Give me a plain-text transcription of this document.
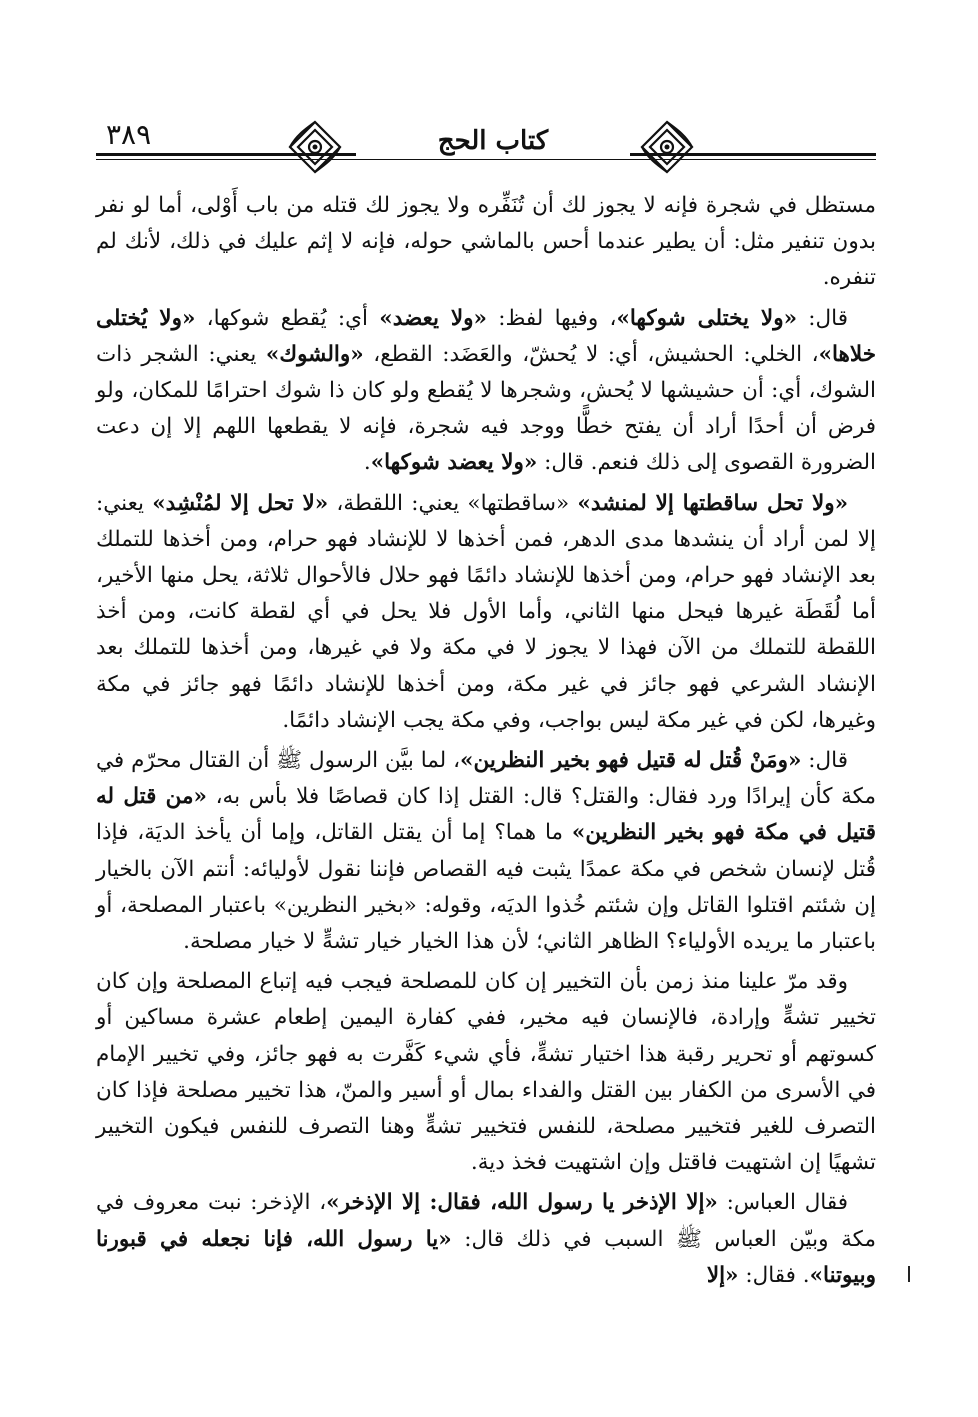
٣٨٩	كتاب الحج

مستظل في شجرة فإنه لا يجوز لك أن تُنَفِّره ولا يجوز لك قتله من باب أَوْلى، أما لو نفر بدون تنفير مثل: أن يطير عندما أحس بالماشي حوله، فإنه لا إثم عليك في ذلك، لأنك لم تنفره.

قال: «ولا يختلى شوكها»، وفيها لفظ: «ولا يعضد» أي: يُقطع شوكها، «ولا يُختلى خلاها»، الخلي: الحشيش، أي: لا يُحشّ، والعَضَد: القطع، «والشوك» يعني: الشجر ذات الشوك، أي: أن حشيشها لا يُحش، وشجرها لا يُقطع ولو كان ذا شوك احترامًا للمكان، ولو فرض أن أحدًا أراد أن يفتح خطًّا ووجد فيه شجرة، فإنه لا يقطعها اللهم إلا إن دعت الضرورة القصوى إلى ذلك فنعم. قال: «ولا يعضد شوكها».

«ولا تحل ساقطتها إلا لمنشد» «ساقطتها» يعني: اللقطة، «لا تحل إلا لمُنْشِد» يعني: إلا لمن أراد أن ينشدها مدى الدهر، فمن أخذها لا للإنشاد فهو حرام، ومن أخذها للتملك بعد الإنشاد فهو حرام، ومن أخذها للإنشاد دائمًا فهو حلال فالأحوال ثلاثة، يحل منها الأخير، أما لُقَطَة غيرها فيحل منها الثاني، وأما الأول فلا يحل في أي لقطة كانت، ومن أخذ اللقطة للتملك من الآن فهذا لا يجوز لا في مكة ولا في غيرها، ومن أخذها للتملك بعد الإنشاد الشرعي فهو جائز في غير مكة، ومن أخذها للإنشاد دائمًا فهو جائز في مكة وغيرها، لكن في غير مكة ليس بواجب، وفي مكة يجب الإنشاد دائمًا.

قال: «ومَنْ قُتل له قتيل فهو بخير النظرين»، لما بيَّن الرسول ﷺ أن القتال محرّم في مكة كأن إيرادًا ورد فقال: والقتل؟ قال: القتل إذا كان قصاصًا فلا بأس به، «من قتل له قتيل في مكة فهو بخير النظرين» ما هما؟ إما أن يقتل القاتل، وإما أن يأخذ الديَة، فإذا قُتل لإنسان شخص في مكة عمدًا يثبت فيه القصاص فإننا نقول لأوليائه: أنتم الآن بالخيار إن شئتم اقتلوا القاتل وإن شئتم خُذوا الديَه، وقوله: «بخير النظرين» باعتبار المصلحة، أو باعتبار ما يريده الأولياء؟ الظاهر الثاني؛ لأن هذا الخيار خيار تشهٍّ لا خيار مصلحة.

وقد مرّ علينا منذ زمن بأن التخيير إن كان للمصلحة فيجب فيه إتباع المصلحة وإن كان تخيير تشهٍّ وإرادة، فالإنسان فيه مخير، ففي كفارة اليمين إطعام عشرة مساكين أو كسوتهم أو تحرير رقبة هذا اختيار تشهٍّ، فأي شيء كَفَّرت به فهو جائز، وفي تخيير الإمام في الأسرى من الكفار بين القتل والفداء بمال أو أسير والمنّ، هذا تخيير مصلحة فإذا كان التصرف للغير فتخيير مصلحة، للنفس فتخيير تشهٍّ وهنا التصرف للنفس فيكون التخيير تشهيًا إن اشتهيت فاقتل وإن اشتهيت فخذ دية.

فقال العباس: «إلا الإذخر يا رسول الله، فقال: إلا الإذخر»، الإذخر: نبت معروف في مكة وبيّن العباس ﷺ السبب في ذلك قال: «يا رسول الله، فإنا نجعله في قبورنا وبيوتنا». فقال: «إلا
